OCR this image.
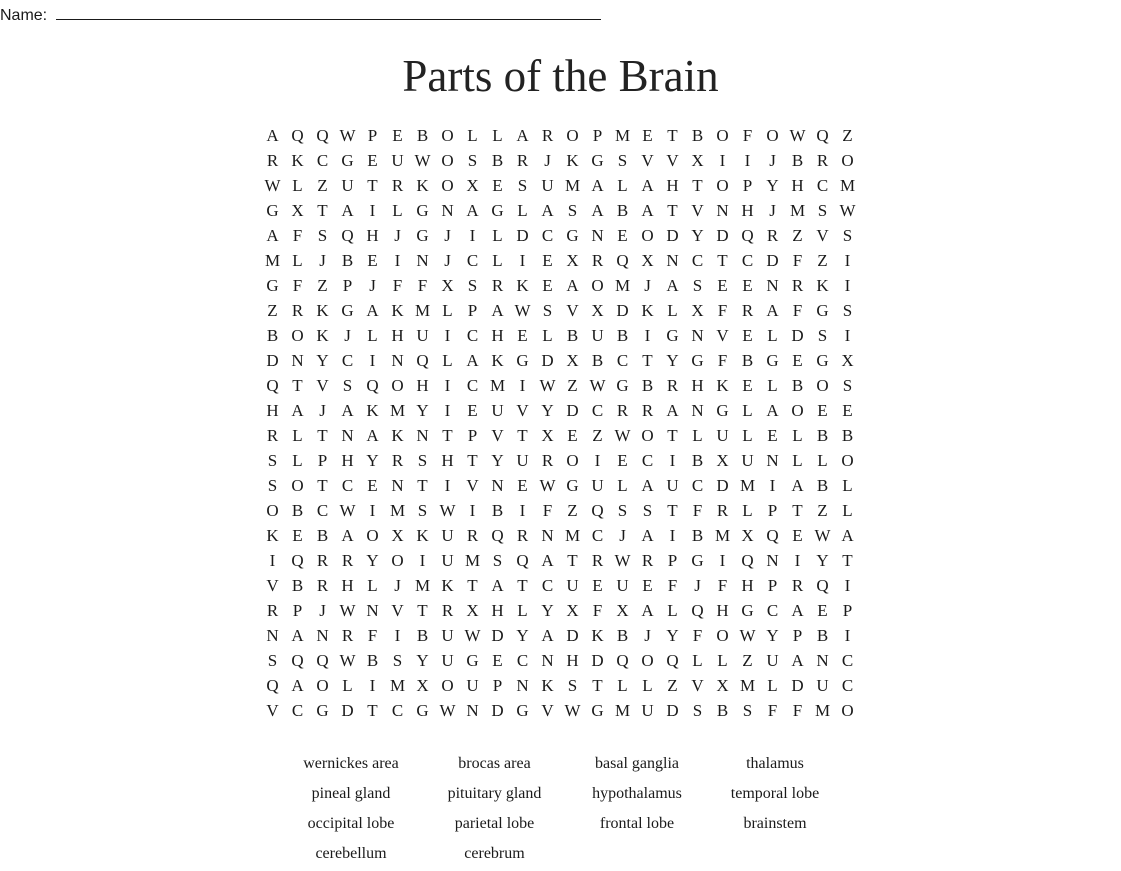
Name:
Parts of the Brain
A Q Q W P E B O L L A R O P M E T B O F O W Q Z
R K C G E U W O S B R J K G S V V X I	I	J B R O
W L Z U T R K O X E S U M A L A H T O P Y H C M
G X T A I L G N A G L A S A B A T V N H J M S W
A F S Q H J G J	I L D C G N E O D Y D Q R Z V S
M L J B E I N J C L I E X R Q X N C T C D F Z I
G F Z P J F F X S R K E A O M J A S E E N R K I
Z R K G A K M L P A W S V X D K L X F R A F G S
B O K J L H U I C H E L B U B I G N V E L D S	I
D N Y C I N Q L A K G D X B C T Y G F B G E G X
Q T V S Q O H I C M I W Z W G B R H K E L B O S
H A J A K M Y I E U V Y D C R R A N G L A O E E
R L T N A K N T P V T X E Z W O T L U L E L B B
S L P H Y R S H T Y U R O I E C I B X U N L L O
S O T C E N T I V N E W G U L A U C D M I A B L
O B C W I M S W I B I	F Z Q S S T F R L P T Z L
K E B A O X K U R Q R N M C J A I B M X Q E W A
I Q R R Y O I U M S Q A T R W R P G I Q N I Y T
V B R H L J M K T A T C U E U E F J F H P R Q I
R P J W N V T R X H L Y X F X A L Q H G C A E P
N A N R F	I B U W D Y A D K B J Y F O W Y P B I
S Q Q W B S Y U G E C N H D Q O Q L L Z U A N C
Q A O L I M X O U P N K S T L L Z V X M L D U C
V C G D T C G W N D G V W G M U D S B S F F M O
wernickes area	brocas area	basal ganglia	thalamus
pineal gland	pituitary gland	hypothalamus	temporal lobe
occipital lobe	parietal lobe	frontal lobe	brainstem
cerebellum	cerebrum
